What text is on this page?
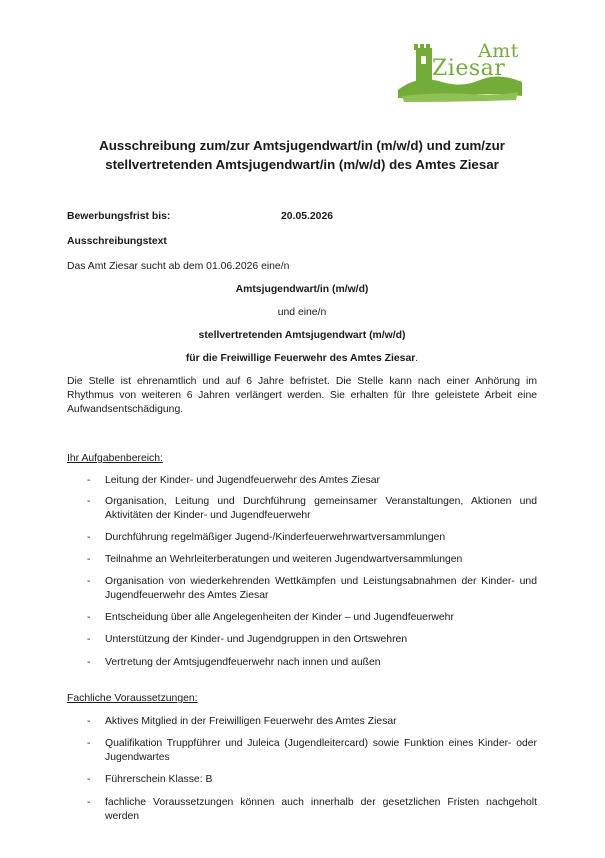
Amt
Ziesar
Ausschreibung zum/zur Amtsjugendwart/in (m/w/d) und zum/zur stellvertretenden Amtsjugendwart/in (m/w/d) des Amtes Ziesar
Bewerbungsfrist bis:	20.05.2026
Ausschreibungstext
Das Amt Ziesar sucht ab dem 01.06.2026 eine/n
Amtsjugendwart/in (m/w/d)
und eine/n
stellvertretenden Amtsjugendwart (m/w/d)
für die Freiwillige Feuerwehr des Amtes Ziesar.
Die Stelle ist ehrenamtlich und auf 6 Jahre befristet. Die Stelle kann nach einer Anhörung im Rhythmus von weiteren 6 Jahren verlängert werden. Sie erhalten für Ihre geleistete Arbeit eine Aufwandsentschädigung.
Ihr Aufgabenbereich:
- Leitung der Kinder- und Jugendfeuerwehr des Amtes Ziesar
- Organisation, Leitung und Durchführung gemeinsamer Veranstaltungen, Aktionen und Aktivitäten der Kinder- und Jugendfeuerwehr
- Durchführung regelmäßiger Jugend-/Kinderfeuerwehrwartversammlungen
- Teilnahme an Wehrleiterberatungen und weiteren Jugendwartversammlungen
- Organisation von wiederkehrenden Wettkämpfen und Leistungsabnahmen der Kinder- und Jugendfeuerwehr des Amtes Ziesar
- Entscheidung über alle Angelegenheiten der Kinder – und Jugendfeuerwehr
- Unterstützung der Kinder- und Jugendgruppen in den Ortswehren
- Vertretung der Amtsjugendfeuerwehr nach innen und außen
Fachliche Voraussetzungen:
- Aktives Mitglied in der Freiwilligen Feuerwehr des Amtes Ziesar
- Qualifikation Truppführer und Juleica (Jugendleitercard) sowie Funktion eines Kinder- oder Jugendwartes
- Führerschein Klasse: B
- fachliche Voraussetzungen können auch innerhalb der gesetzlichen Fristen nachgeholt werden
